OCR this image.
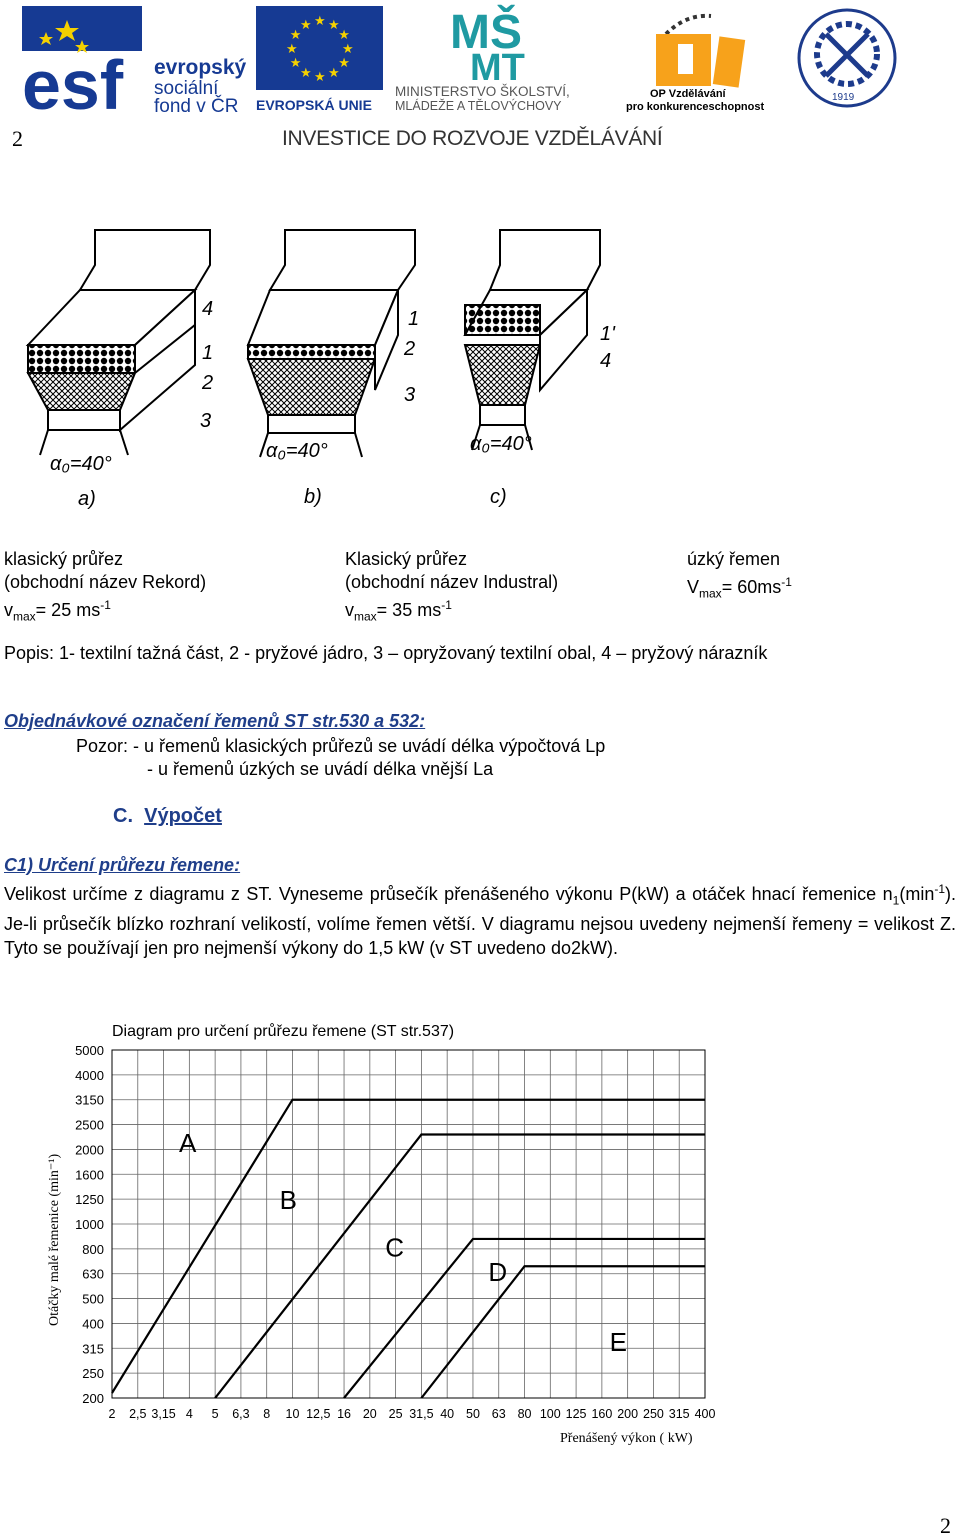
esf evropský
sociální
fond v ČR
★
★
★
★
★
★
★
★
★ ★ ★
★
EVROPSKÁ UNIE
MŠ
MT
MINISTERSTVO ŠKOLSTVÍ,
MLÁDEŽE A TĚLOVÝCHOVY
OP Vzdělávání
pro konkurenceschopnost
1919
2	INVESTICE DO ROZVOJE VZDĚLÁVÁNÍ
4
1
2
3
1
2
3
1'
4
α₀=40°
α₀=40°	α₀=40°
a)	b)	c)
klasický průřez
(obchodní název Rekord)
$v_{max}= 25$ $ms^{-1}$
Klasický průřez
(obchodní název Industral)
$v_{max}= 35$ $ms^{-1}$
úzký řemen
$V_{max}= 60ms^{-1}$
Popis: 1- textilní tažná část, 2 - pryžové jádro, 3 – opryžovaný textilní obal, 4 – pryžový nárazník
Objednávkové označení řemenů ST str.530 a 532:
Pozor: - u řemenů klasických průřezů se uvádí délka výpočtová Lp
- u řemenů úzkých se uvádí délka vnější La
C. Výpočet
C1) Určení průřezu řemene:
Velikost určíme z diagramu z ST. Vyneseme průsečík přenášeného výkonu P(kW) a otáček hnací řemenice $n_1(\min^{-1})$. Je-li průsečík blízko rozhraní velikostí, volíme řemen větší. V diagramu nejsou uvedeny nejmenší řemeny = velikost Z. Tyto se používají jen pro nejmenší výkony do 1,5 kW (v ST uvedeno do2kW).
Diagram pro určení průřezu řemene (ST str.537)
Přenášený výkon ( kW)
Otáčky malé řemenice (min⁻¹)
5000
4000
3150
2500
2000
1600
1250
1000
800
630
500
400
315
250
200
2 2,5 3,15 4 5 6,3 8 10 12,5 16 20 25 31,5 40 50 63 80 100 125 160 200 250 315 400
A
B
C
D
E
2
